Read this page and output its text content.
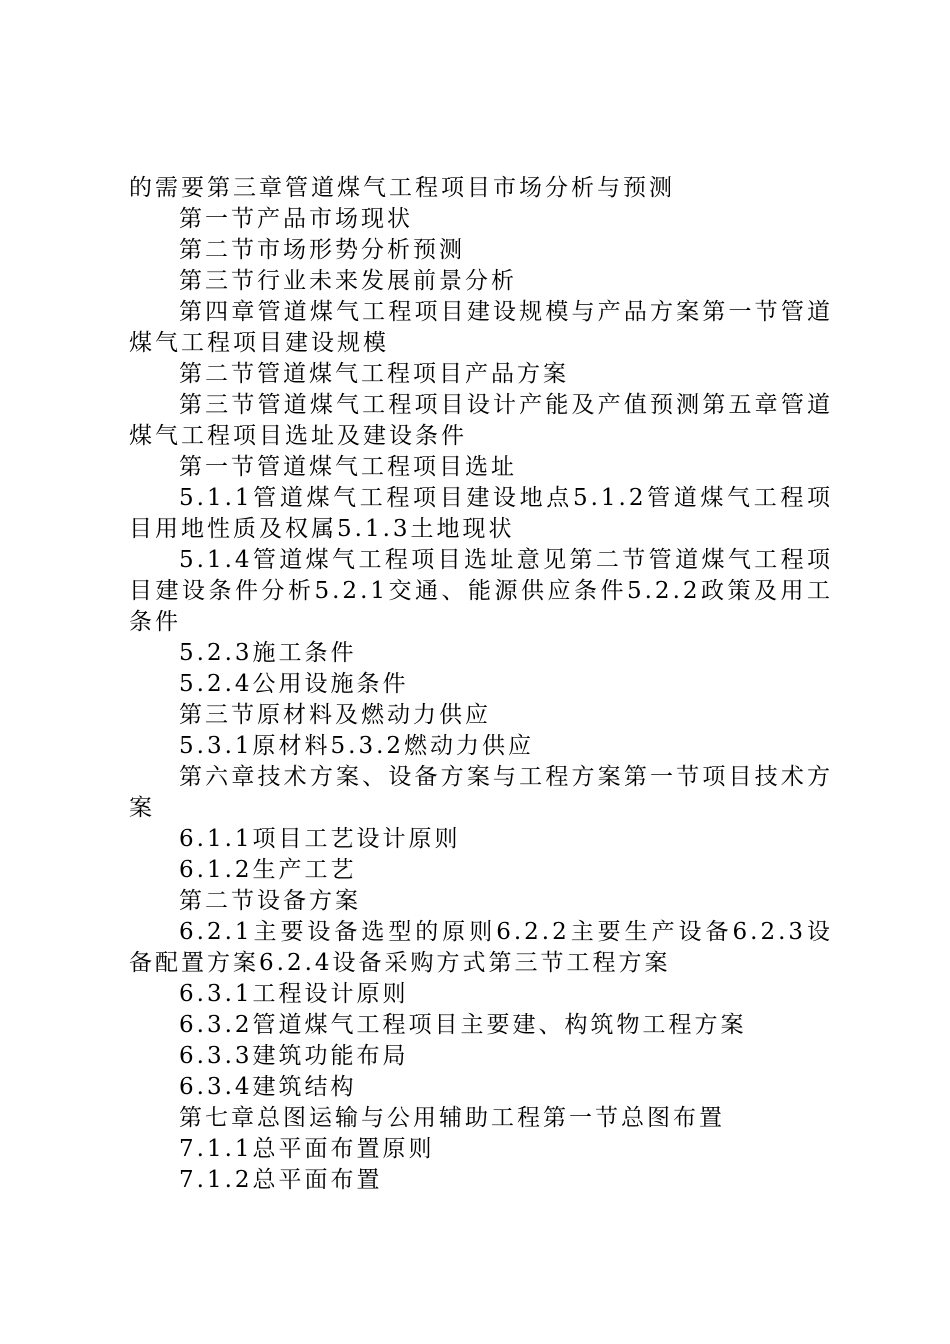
的需要第三章管道煤气工程项目市场分析与预测

第一节产品市场现状

第二节市场形势分析预测

第三节行业未来发展前景分析

第四章管道煤气工程项目建设规模与产品方案第一节管道煤气工程项目建设规模

第二节管道煤气工程项目产品方案

第三节管道煤气工程项目设计产能及产值预测第五章管道煤气工程项目选址及建设条件

第一节管道煤气工程项目选址

5.1.1管道煤气工程项目建设地点5.1.2管道煤气工程项目用地性质及权属5.1.3土地现状

5.1.4管道煤气工程项目选址意见第二节管道煤气工程项目建设条件分析5.2.1交通、能源供应条件5.2.2政策及用工条件

5.2.3施工条件

5.2.4公用设施条件

第三节原材料及燃动力供应

5.3.1原材料5.3.2燃动力供应

第六章技术方案、设备方案与工程方案第一节项目技术方案

6.1.1项目工艺设计原则

6.1.2生产工艺

第二节设备方案

6.2.1主要设备选型的原则6.2.2主要生产设备6.2.3设备配置方案6.2.4设备采购方式第三节工程方案

6.3.1工程设计原则

6.3.2管道煤气工程项目主要建、构筑物工程方案

6.3.3建筑功能布局

6.3.4建筑结构

第七章总图运输与公用辅助工程第一节总图布置

7.1.1总平面布置原则

7.1.2总平面布置
